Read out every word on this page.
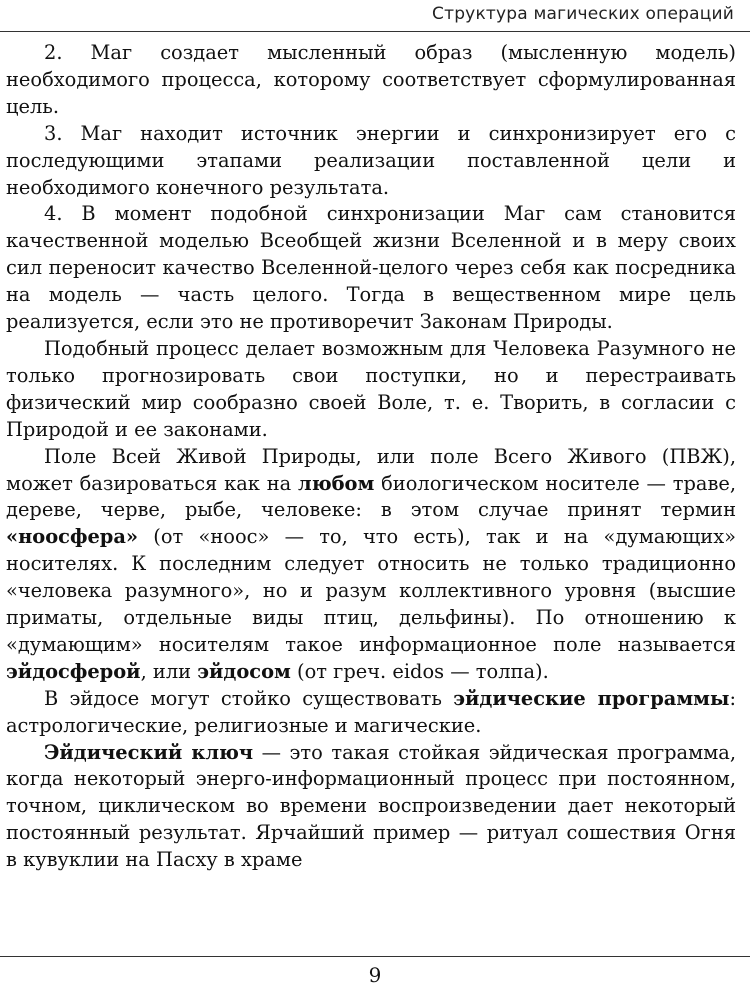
Структура магических операций

2. Маг создает мысленный образ (мысленную модель) необходимого процесса, которому соответствует сформулированная цель.

3. Маг находит источник энергии и синхронизирует его с последующими этапами реализации поставленной цели и необходимого конечного результата.

4. В момент подобной синхронизации Маг сам становится качественной моделью Всеобщей жизни Вселенной и в меру своих сил переносит качество Вселенной-целого через себя как посредника на модель — часть целого. Тогда в вещественном мире цель реализуется, если это не противоречит Законам Природы.

Подобный процесс делает возможным для Человека Разумного не только прогнозировать свои поступки, но и перестраивать физический мир сообразно своей Воле, т. е. Творить, в согласии с Природой и ее законами.

Поле Всей Живой Природы, или поле Всего Живого (ПВЖ), может базироваться как на любом биологическом носителе — траве, дереве, черве, рыбе, человеке: в этом случае принят термин «ноосфера» (от «ноос» — то, что есть), так и на «думающих» носителях. К последним следует относить не только традиционно «человека разумного», но и разум коллективного уровня (высшие приматы, отдельные виды птиц, дельфины). По отношению к «думающим» носителям такое информационное поле называется эйдосферой, или эйдосом (от греч. eidos — толпа).

В эйдосе могут стойко существовать эйдические программы: астрологические, религиозные и магические.

Эйдический ключ — это такая стойкая эйдическая программа, когда некоторый энерго-информационный процесс при постоянном, точном, циклическом во времени воспроизведении дает некоторый постоянный результат. Ярчайший пример — ритуал сошествия Огня в кувуклии на Пасху в храме

9
